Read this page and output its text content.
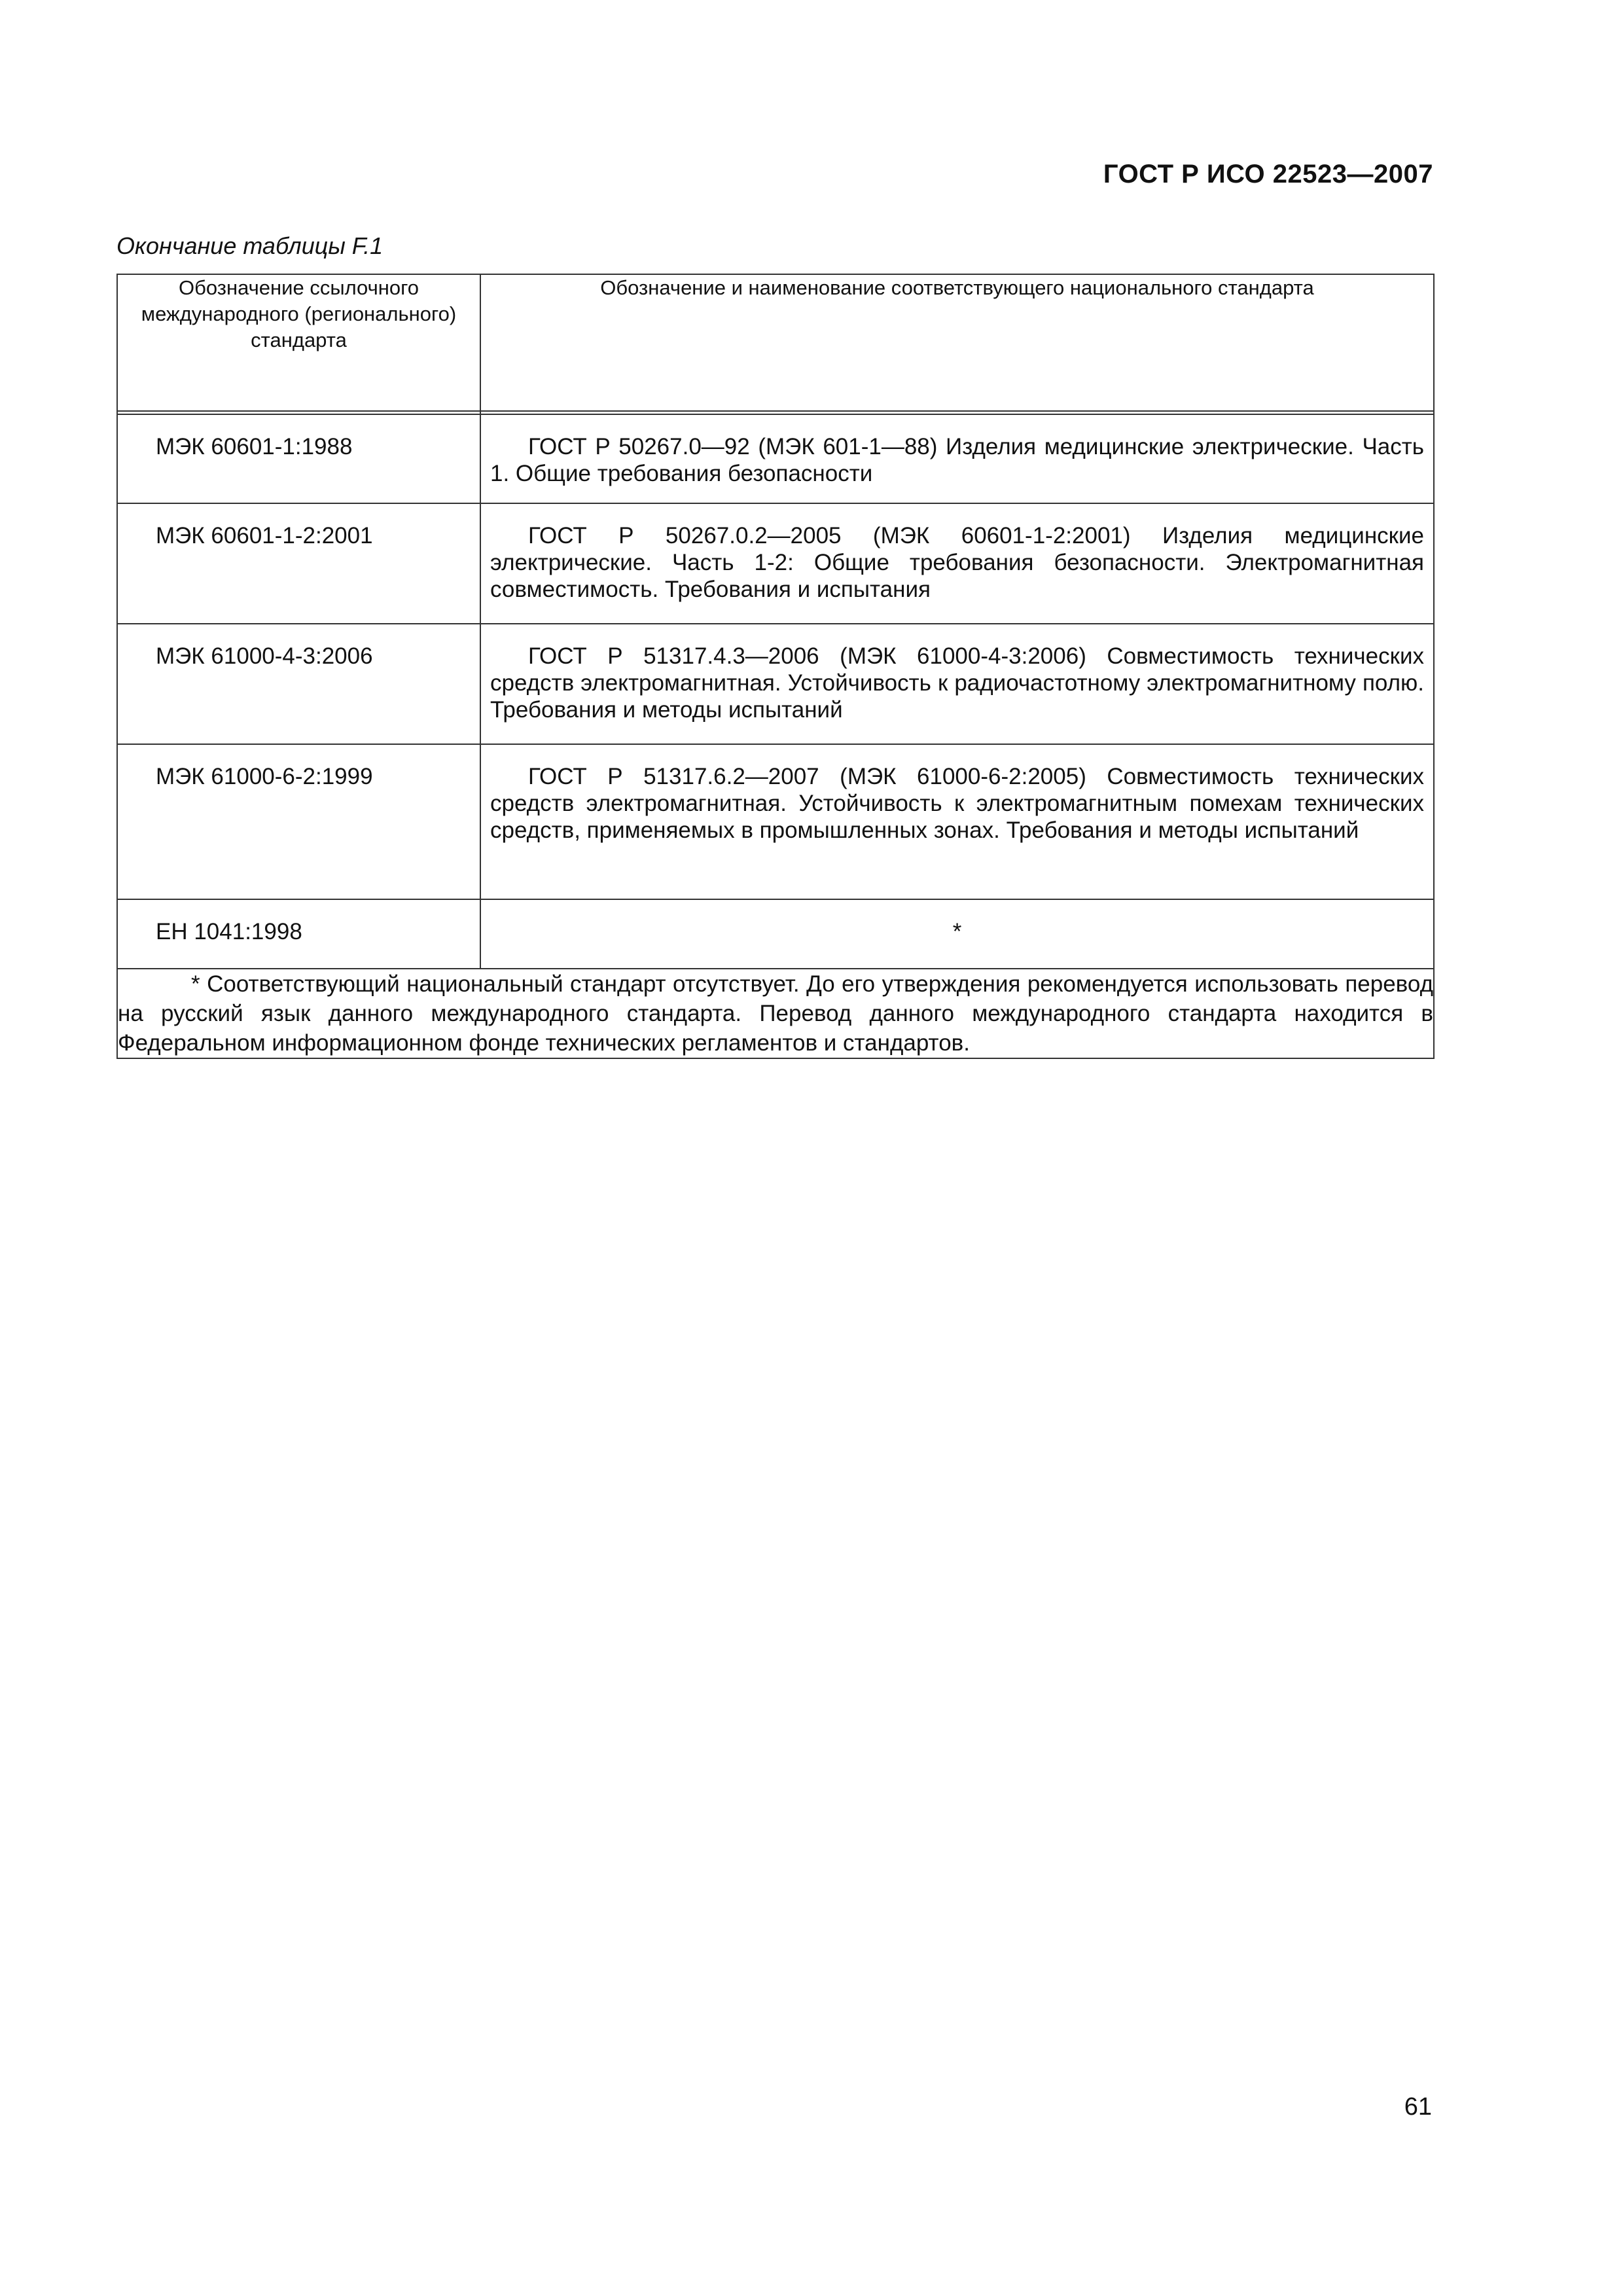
ГОСТ Р ИСО 22523—2007
Окончание таблицы F.1
Обозначение ссылочного международного (регионального) стандарта	Обозначение и наименование соответствующего национального стандарта

МЭК 60601-1:1988	ГОСТ Р 50267.0—92 (МЭК 601-1—88) Изделия медицинские электрические. Часть 1. Общие требования безопасности
МЭК 60601-1-2:2001	ГОСТ Р 50267.0.2—2005 (МЭК 60601-1-2:2001) Изделия медицинские электрические. Часть 1-2: Общие требования безопасности. Электромагнитная совместимость. Требования и испытания
МЭК 61000-4-3:2006	ГОСТ Р 51317.4.3—2006 (МЭК 61000-4-3:2006) Совместимость технических средств электромагнитная. Устойчивость к радиочастотному электромагнитному полю. Требования и методы испытаний
МЭК 61000-6-2:1999	ГОСТ Р 51317.6.2—2007 (МЭК 61000-6-2:2005) Совместимость технических средств электромагнитная. Устойчивость к электромагнитным помехам технических средств, применяемых в промышленных зонах. Требования и методы испытаний
ЕН 1041:1998	*
* Соответствующий национальный стандарт отсутствует. До его утверждения рекомендуется использовать перевод на русский язык данного международного стандарта. Перевод данного международного стандарта находится в Федеральном информационном фонде технических регламентов и стандартов.	
61
